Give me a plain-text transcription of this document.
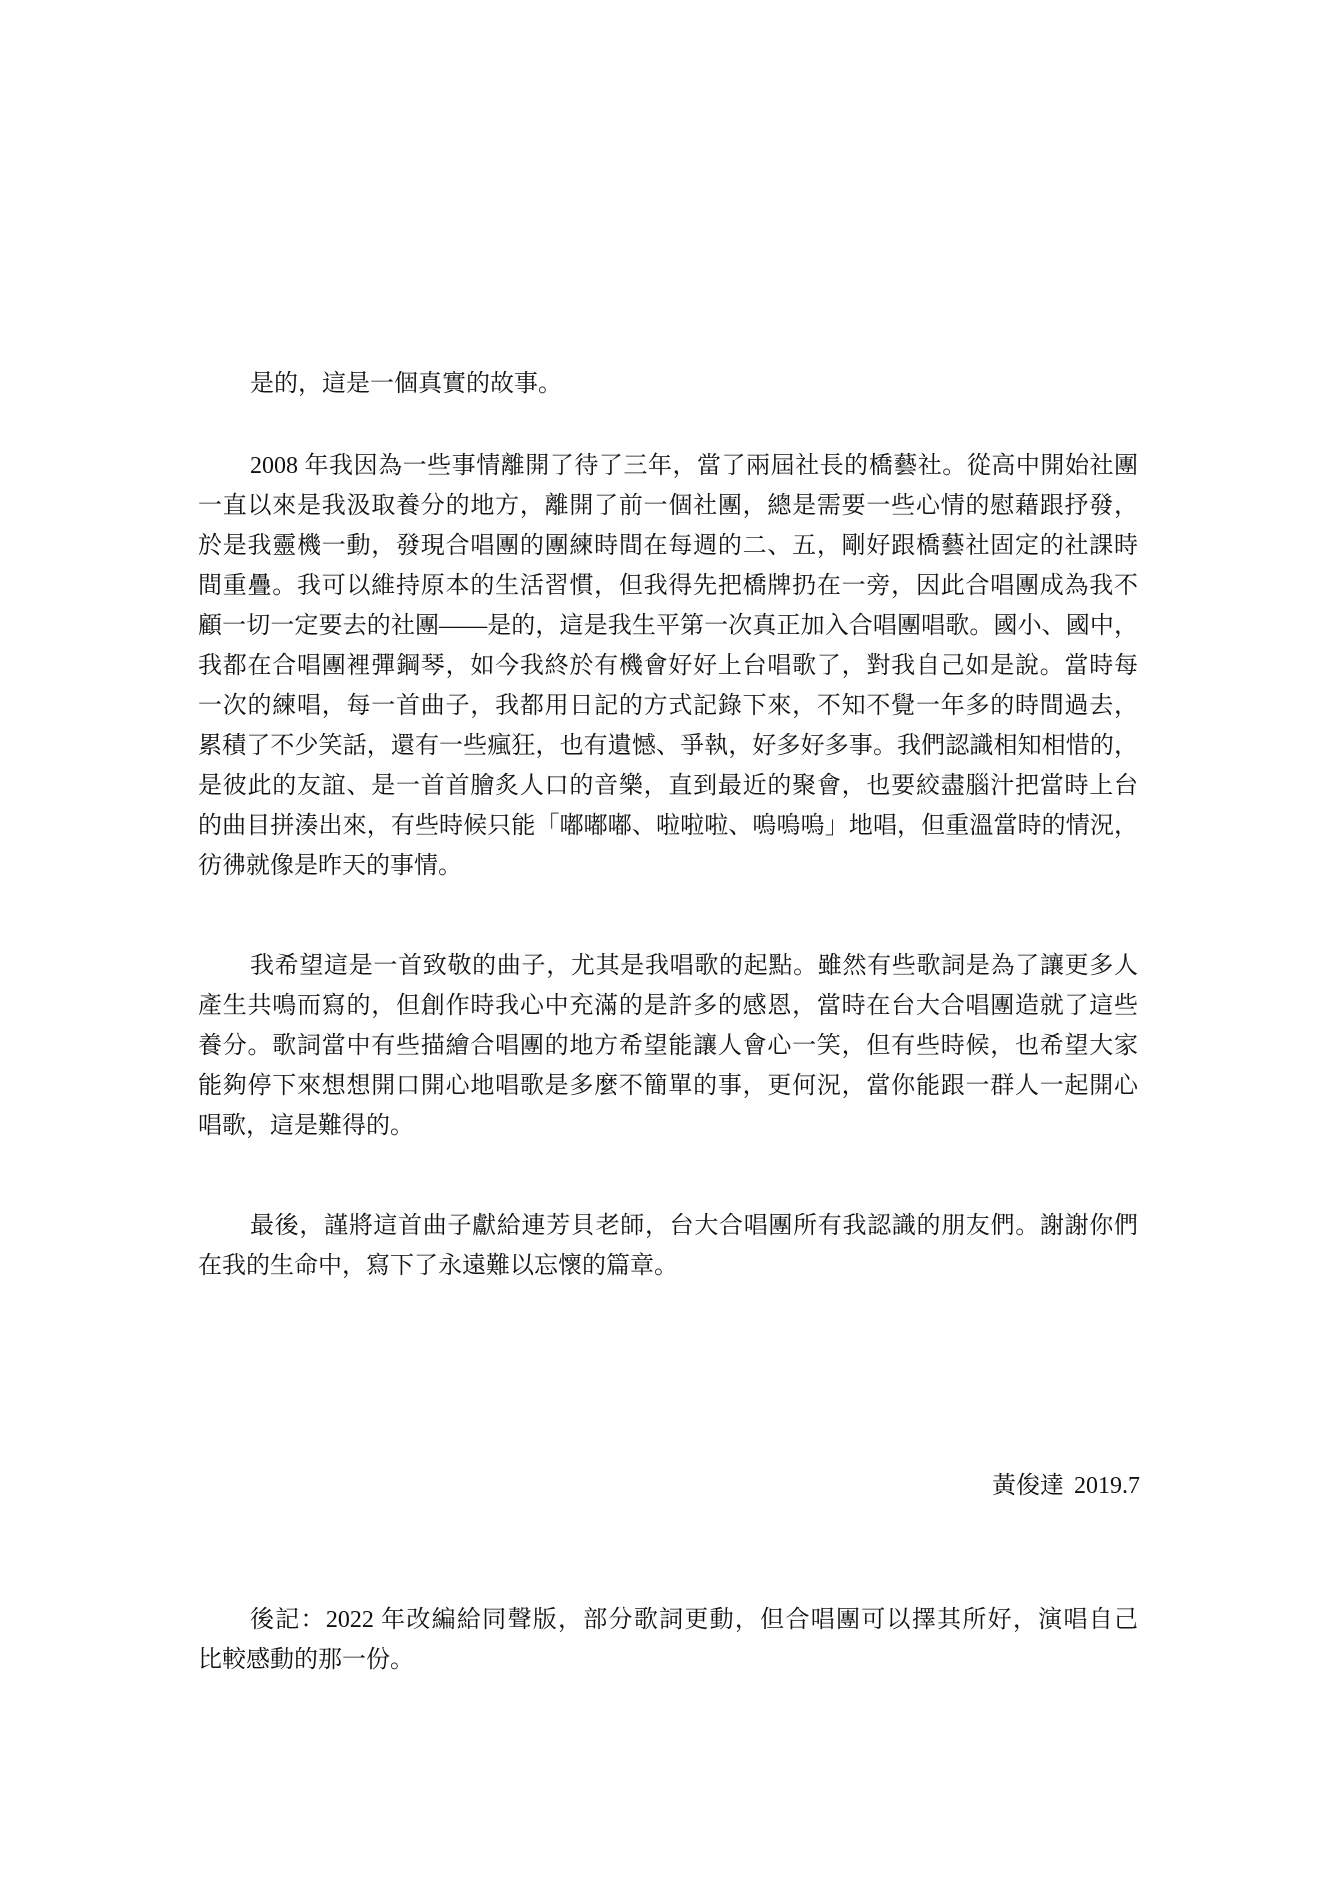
是的，這是一個真實的故事。
2008 年我因為一些事情離開了待了三年，當了兩屆社長的橋藝社。從高中開始社團
一直以來是我汲取養分的地方，離開了前一個社團，總是需要一些心情的慰藉跟抒發，
於是我靈機一動，發現合唱團的團練時間在每週的二、五，剛好跟橋藝社固定的社課時
間重疊。我可以維持原本的生活習慣，但我得先把橋牌扔在一旁，因此合唱團成為我不
顧一切一定要去的社團——是的，這是我生平第一次真正加入合唱團唱歌。國小、國中，
我都在合唱團裡彈鋼琴，如今我終於有機會好好上台唱歌了，對我自己如是說。當時每
一次的練唱，每一首曲子，我都用日記的方式記錄下來，不知不覺一年多的時間過去，
累積了不少笑話，還有一些瘋狂，也有遺憾、爭執，好多好多事。我們認識相知相惜的，
是彼此的友誼、是一首首膾炙人口的音樂，直到最近的聚會，也要絞盡腦汁把當時上台
的曲目拼湊出來，有些時候只能「嘟嘟嘟、啦啦啦、嗚嗚嗚」地唱，但重溫當時的情況，
彷彿就像是昨天的事情。
我希望這是一首致敬的曲子，尤其是我唱歌的起點。雖然有些歌詞是為了讓更多人
產生共鳴而寫的，但創作時我心中充滿的是許多的感恩，當時在台大合唱團造就了這些
養分。歌詞當中有些描繪合唱團的地方希望能讓人會心一笑，但有些時候，也希望大家
能夠停下來想想開口開心地唱歌是多麼不簡單的事，更何況，當你能跟一群人一起開心
唱歌，這是難得的。
最後，謹將這首曲子獻給連芳貝老師，台大合唱團所有我認識的朋友們。謝謝你們
在我的生命中，寫下了永遠難以忘懷的篇章。
黃俊達 2019.7
後記：2022 年改編給同聲版，部分歌詞更動，但合唱團可以擇其所好，演唱自己
比較感動的那一份。
